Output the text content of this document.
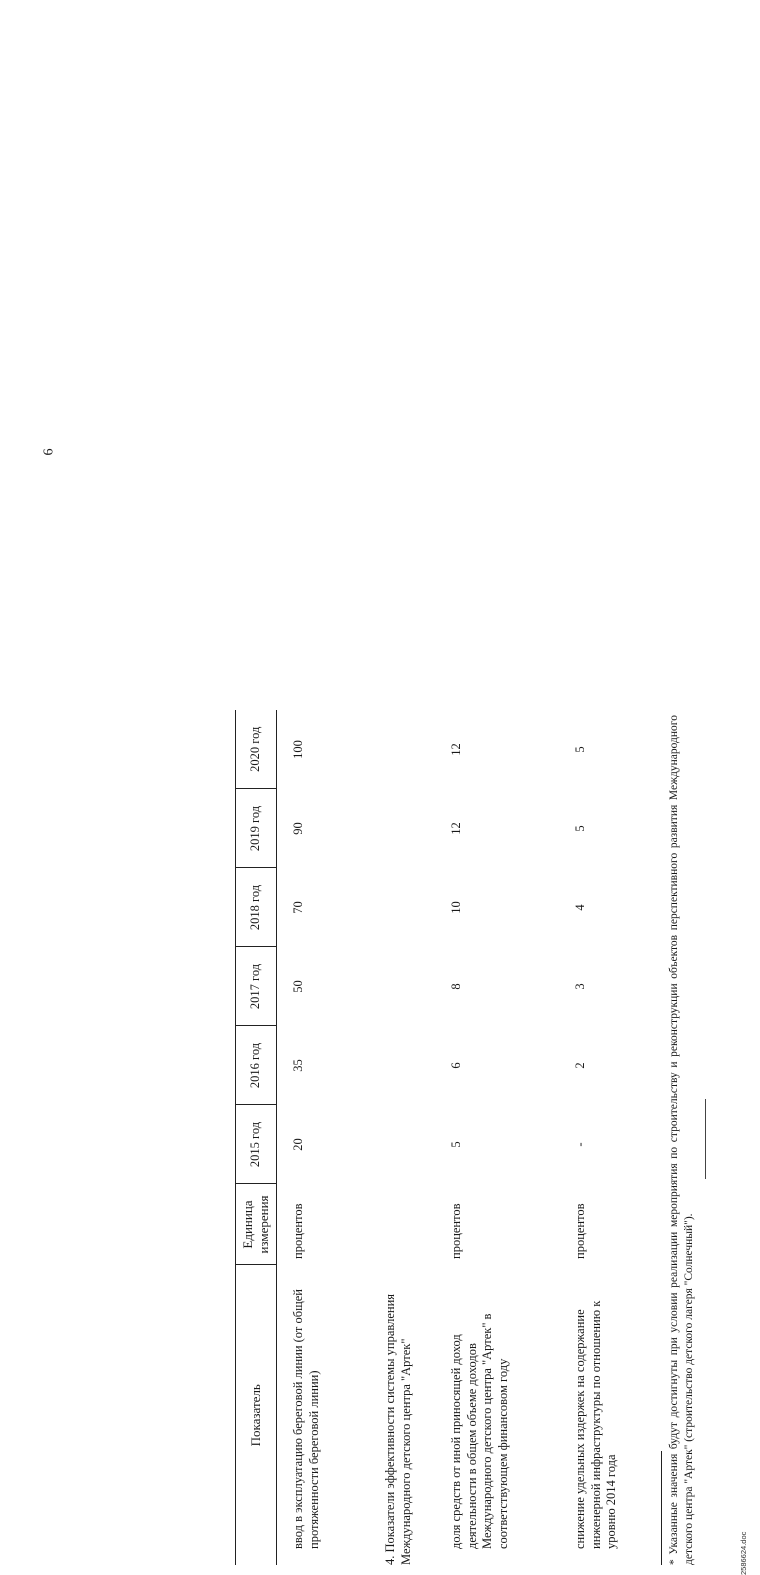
6
Показатель	Единица измерения	2015 год	2016 год	2017 год	2018 год	2019 год	2020 год
ввод в эксплуатацию береговой линии (от общей протяженности береговой линии)	процентов	20	35	50	70	90	100
4. Показатели эффективности системы управления Международного детского центра "Артек"							
доля средств от иной приносящей доход деятельности в общем объеме доходов Международного детского центра "Артек" в соответствующем финансовом году	процентов	5	6	8	10	12	12
снижение удельных издержек на содержание инженерной инфраструктуры по отношению к уровню 2014 года	процентов	-	2	3	4	5	5	* Указанные значения будут достигнуты при условии реализации мероприятия по строительству и реконструкции объектов перспективного развития Международного детского центра "Артек" (строительство детского лагеря "Солнечный").	2586624.doc
